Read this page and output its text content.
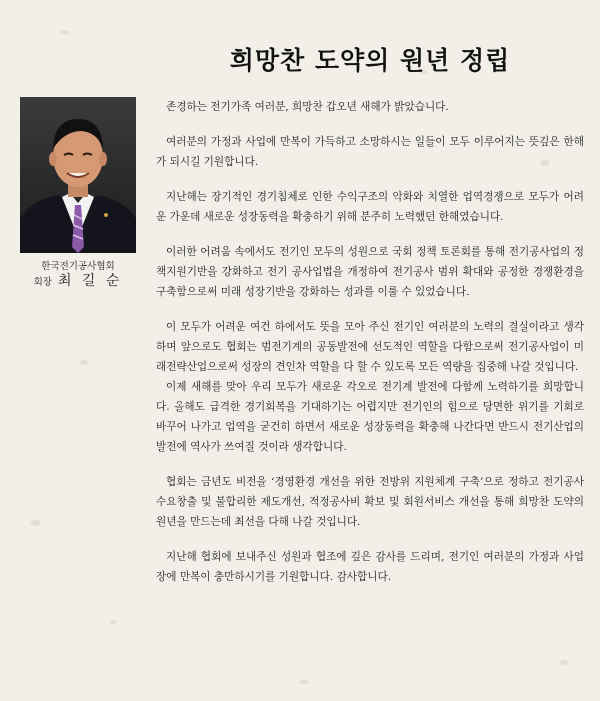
희망찬 도약의 원년 정립
한국전기공사협회
회장 최 길 순

존경하는 전기가족 여러분, 희망찬 갑오년 새해가 밝았습니다.

여러분의 가정과 사업에 만복이 가득하고 소망하시는 일들이 모두 이루어지는 뜻깊은 한해가 되시길 기원합니다.

지난해는 장기적인 경기침체로 인한 수익구조의 악화와 치열한 업역경쟁으로 모두가 어려운 가운데 새로운 성장동력을 확충하기 위해 분주히 노력했던 한해였습니다.

이러한 어려움 속에서도 전기인 모두의 성원으로 국회 정책 토론회를 통해 전기공사업의 정책지원기반을 강화하고 전기 공사업법을 개정하여 전기공사 범위 확대와 공정한 경쟁환경을 구축함으로써 미래 성장기반을 강화하는 성과를 이룰 수 있었습니다.

이 모두가 어려운 여건 하에서도 뜻을 모아 주신 전기인 여러분의 노력의 결실이라고 생각하며 앞으로도 협회는 범전기계의 공동발전에 선도적인 역할을 다함으로써 전기공사업이 미래전략산업으로써 성장의 견인차 역할을 다 할 수 있도록 모든 역량을 집중해 나갈 것입니다.

이제 새해를 맞아 우리 모두가 새로운 각오로 전기계 발전에 다함께 노력하기를 희망합니다. 올해도 급격한 경기회복을 기대하기는 어렵지만 전기인의 힘으로 당면한 위기를 기회로 바꾸어 나가고 업역을 굳건히 하면서 새로운 성장동력을 확충해 나간다면 반드시 전기산업의 발전에 역사가 쓰여질 것이라 생각합니다.

협회는 금년도 비전을 ‘경영환경 개선을 위한 전방위 지원체계 구축’으로 정하고 전기공사 수요창출 및 불합리한 제도개선, 적정공사비 확보 및 회원서비스 개선을 통해 희망찬 도약의 원년을 만드는데 최선을 다해 나갈 것입니다.

지난해 협회에 보내주신 성원과 협조에 깊은 감사를 드리며, 전기인 여러분의 가정과 사업장에 만복이 충만하시기를 기원합니다. 감사합니다.
